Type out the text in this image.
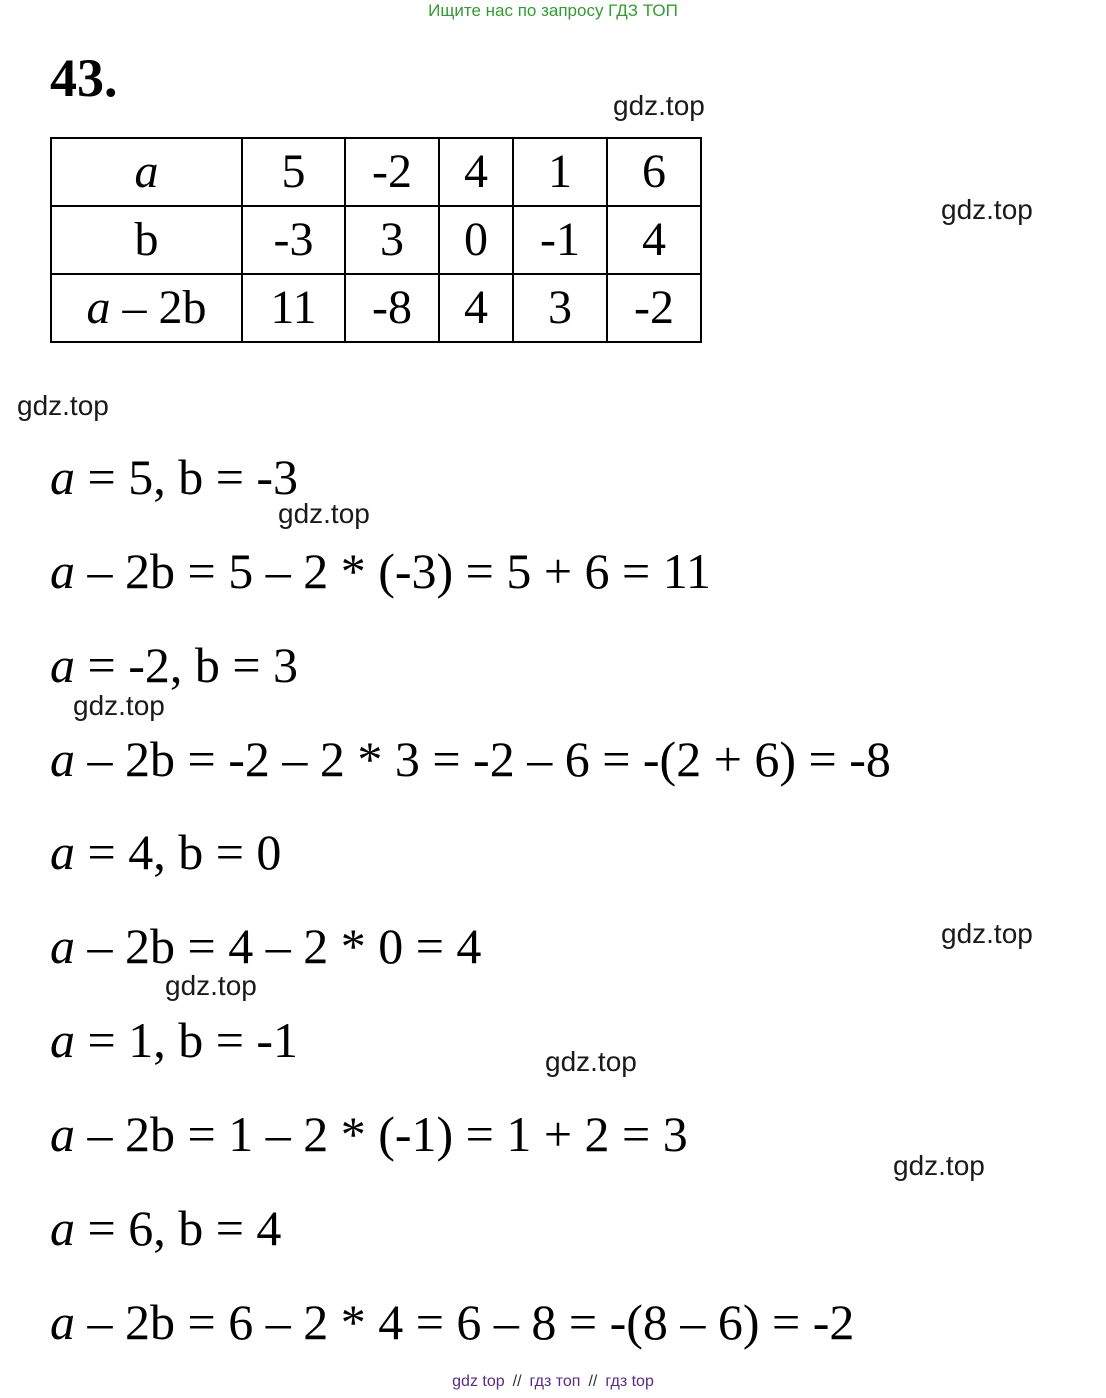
Ищите нас по запросу ГДЗ ТОП
43.	gdz.top
gdz.top
gdz.top
gdz.top
gdz.top
gdz.top
gdz.top
gdz.top
gdz.top
a	5	-2	4	1	6
b	-3	3	0	-1	4
a – 2b	11	-8	4	3	-2
a = 5, b = -3
a – 2b = 5 – 2 * (-3) = 5 + 6 = 11
a = -2, b = 3
a – 2b = -2 – 2 * 3 = -2 – 6 = -(2 + 6) = -8
a = 4, b = 0
a – 2b = 4 – 2 * 0 = 4
a = 1, b = -1
a – 2b = 1 – 2 * (-1) = 1 + 2 = 3
a = 6, b = 4
a – 2b = 6 – 2 * 4 = 6 – 8 = -(8 – 6) = -2
gdz top // гдз топ // гдз top
